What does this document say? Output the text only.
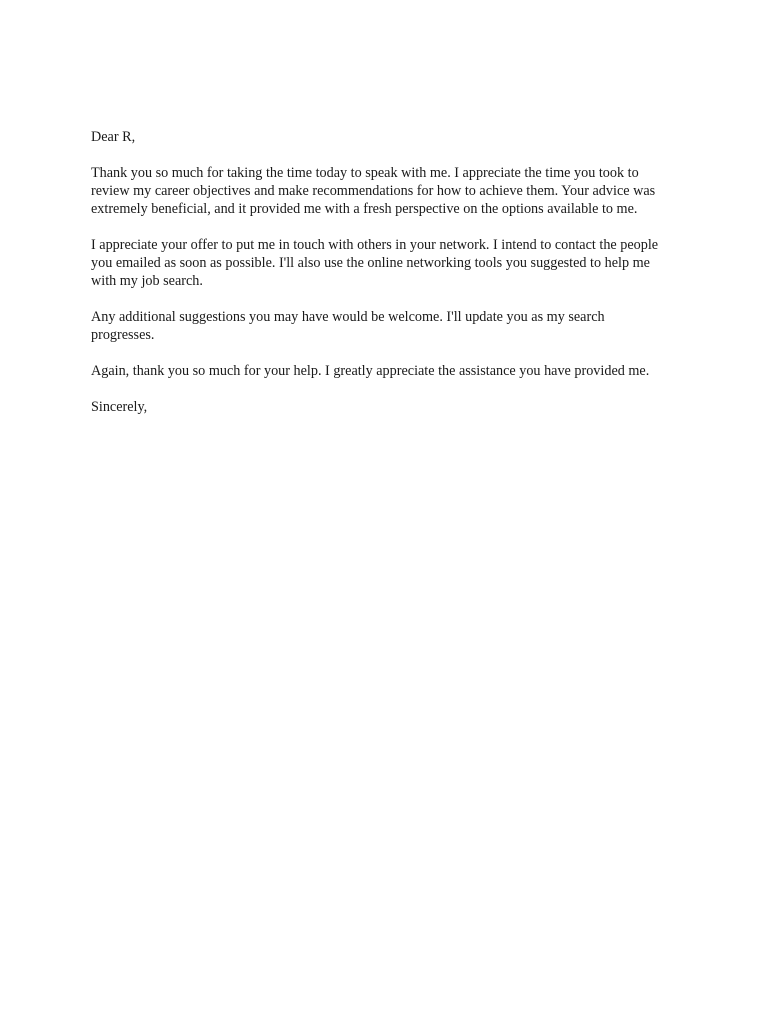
Dear R,

Thank you so much for taking the time today to speak with me. I appreciate the time you took to review my career objectives and make recommendations for how to achieve them. Your advice was extremely beneficial, and it provided me with a fresh perspective on the options available to me.

I appreciate your offer to put me in touch with others in your network. I intend to contact the people you emailed as soon as possible. I'll also use the online networking tools you suggested to help me with my job search.

Any additional suggestions you may have would be welcome. I'll update you as my search progresses.

Again, thank you so much for your help. I greatly appreciate the assistance you have provided me.

Sincerely,
